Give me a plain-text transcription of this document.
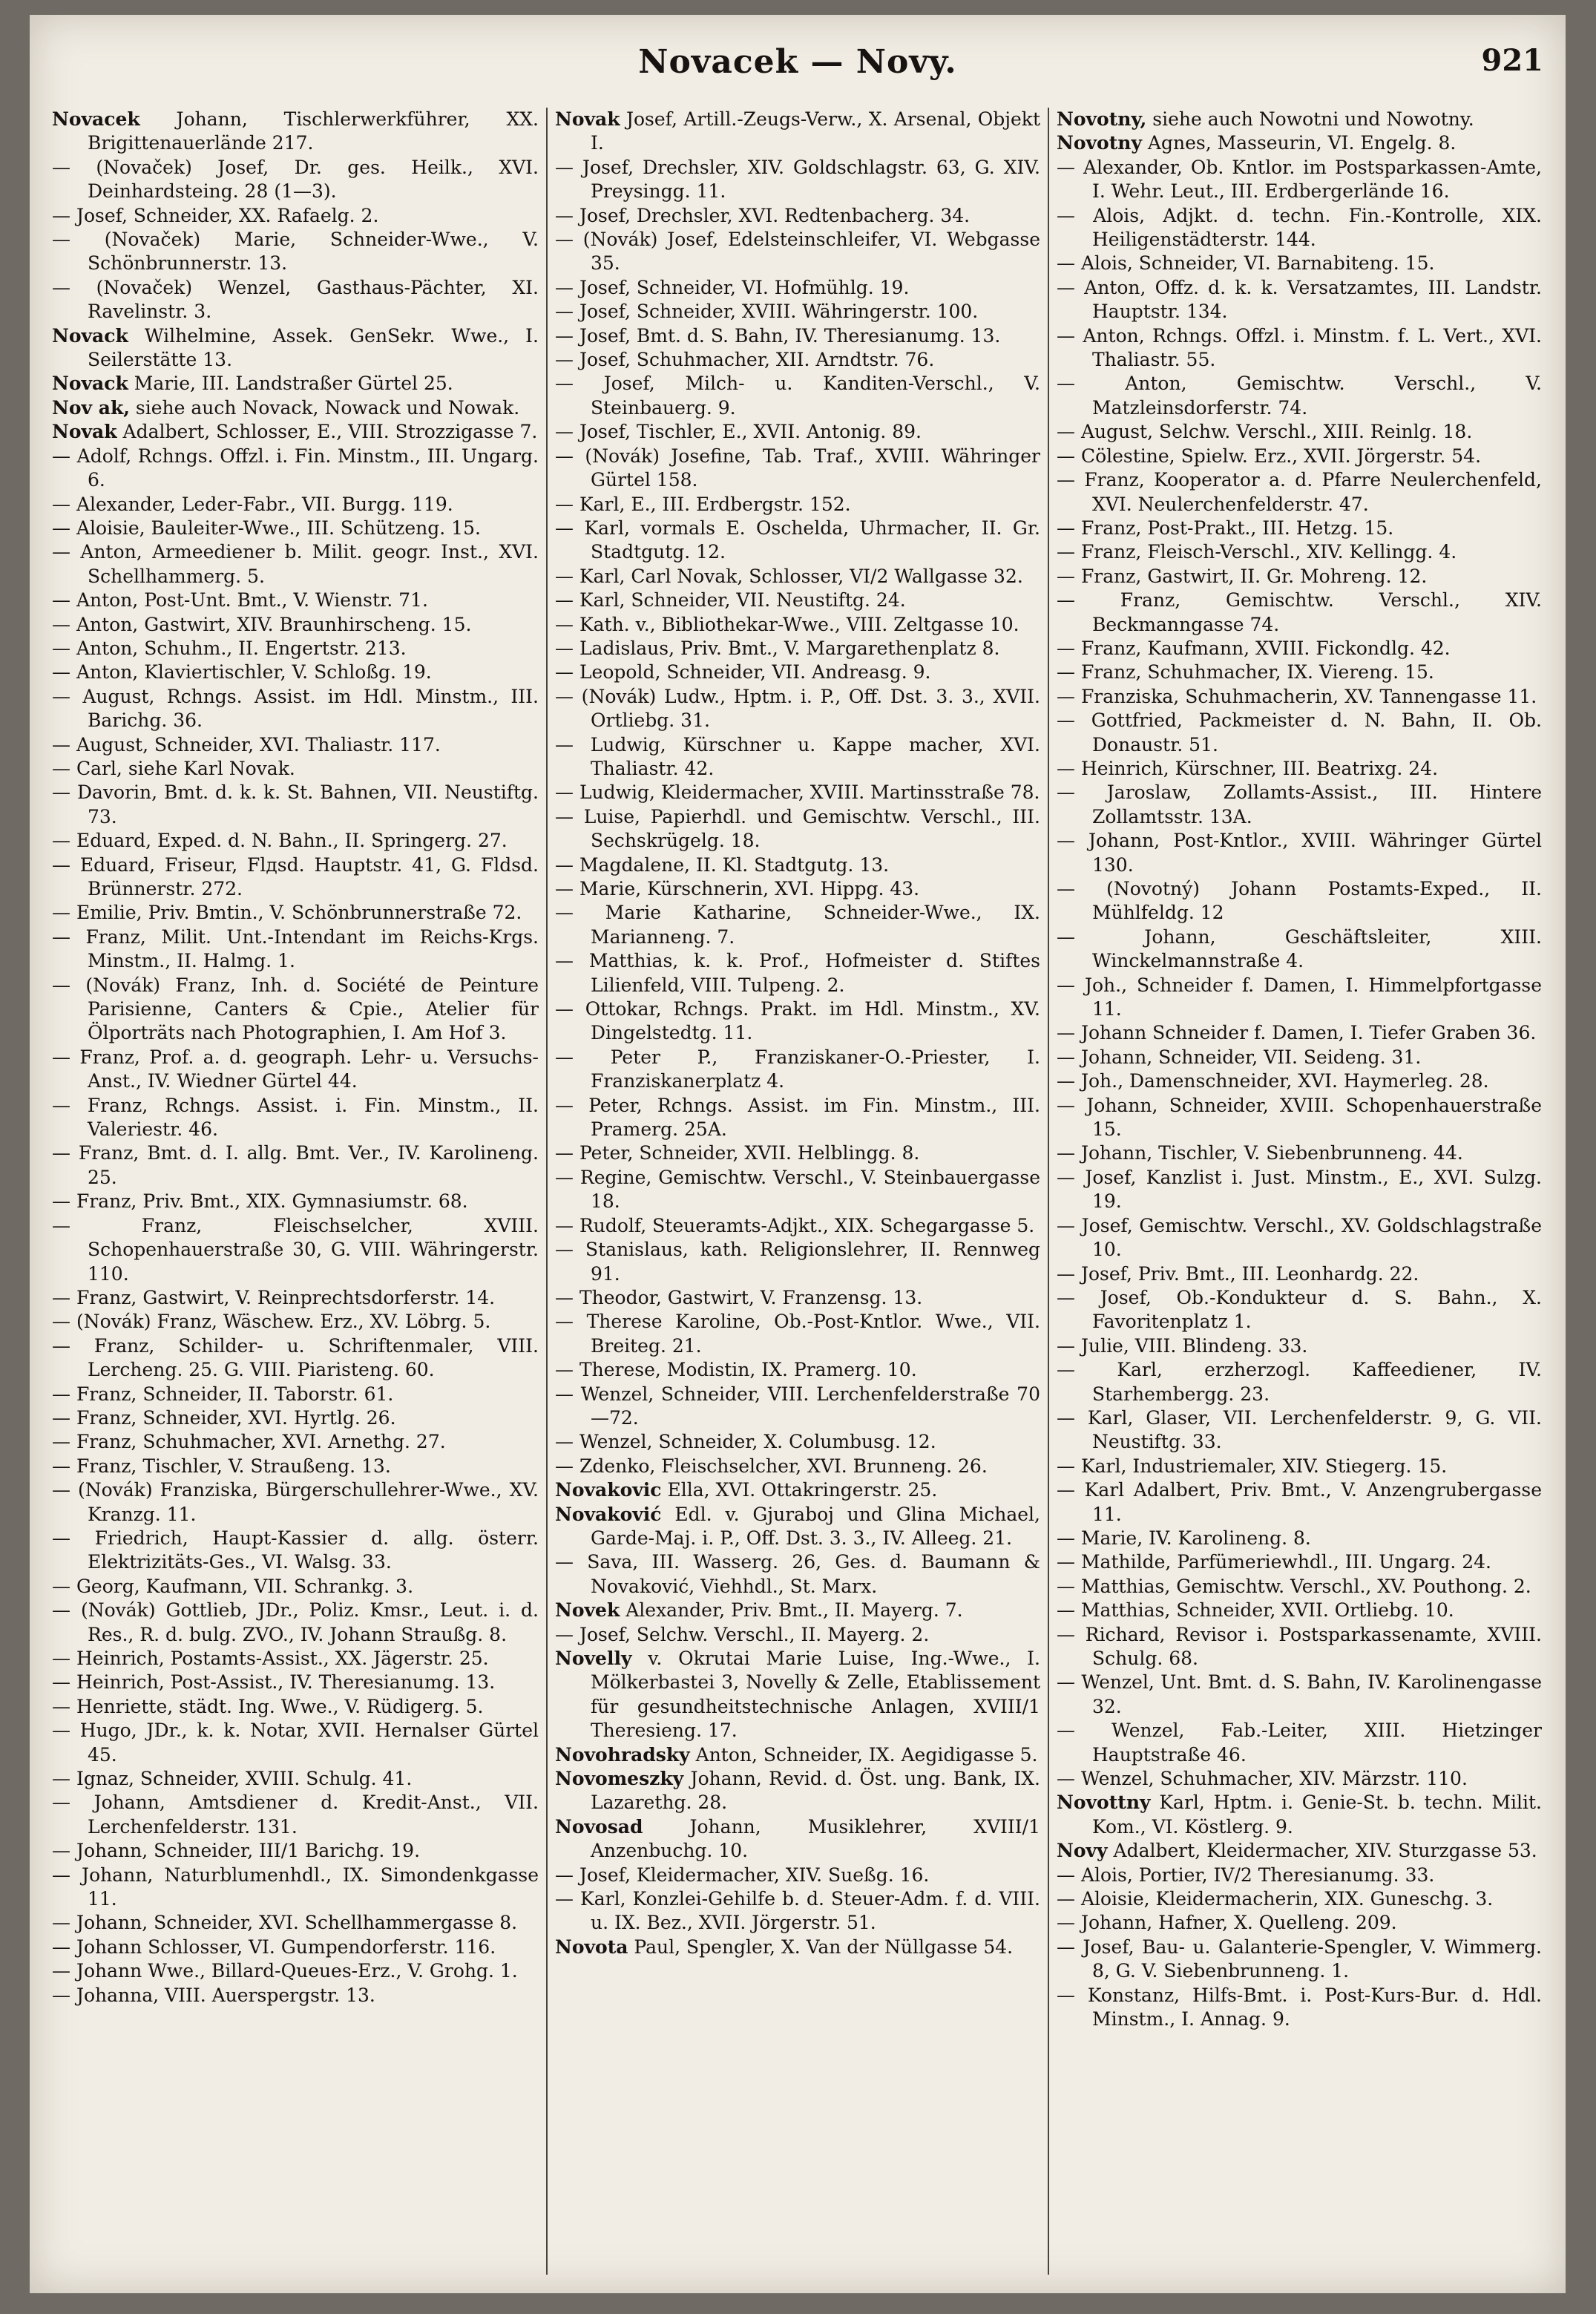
Novacek — Novy.	921
Novacek Johann, Tischlerwerkführer, XX. Brigittenauerlände 217.
— (Novaček) Josef, Dr. ges. Heilk., XVI. Deinhardsteing. 28 (1—3).
— Josef, Schneider, XX. Rafaelg. 2.
— (Novaček) Marie, Schneider-Wwe., V. Schönbrunnerstr. 13.
— (Novaček) Wenzel, Gasthaus-Pächter, XI. Ravelinstr. 3.
Novack Wilhelmine, Assek. GenSekr. Wwe., I. Seilerstätte 13.
Novack Marie, III. Landstraßer Gürtel 25.
Nov ak, siehe auch Novack, Nowack und Nowak.
Novak Adalbert, Schlosser, E., VIII. Strozzigasse 7.
— Adolf, Rchngs. Offzl. i. Fin. Minstm., III. Ungarg. 6.
— Alexander, Leder-Fabr., VII. Burgg. 119.
— Aloisie, Bauleiter-Wwe., III. Schützeng. 15.
— Anton, Armeediener b. Milit. geogr. Inst., XVI. Schellhammerg. 5.
— Anton, Post-Unt. Bmt., V. Wienstr. 71.
— Anton, Gastwirt, XIV. Braunhirscheng. 15.
— Anton, Schuhm., II. Engertstr. 213.
— Anton, Klaviertischler, V. Schloßg. 19.
— August, Rchngs. Assist. im Hdl. Minstm., III. Barichg. 36.
— August, Schneider, XVI. Thaliastr. 117.
— Carl, siehe Karl Novak.
— Davorin, Bmt. d. k. k. St. Bahnen, VII. Neustiftg. 73.
— Eduard, Exped. d. N. Bahn., II. Springerg. 27.
— Eduard, Friseur, Flдsd. Hauptstr. 41, G. Fldsd. Brünnerstr. 272.
— Emilie, Priv. Bmtin., V. Schönbrunnerstraße 72.
— Franz, Milit. Unt.-Intendant im Reichs-Krgs. Minstm., II. Halmg. 1.
— (Novák) Franz, Inh. d. Société de Peinture Parisienne, Canters & Cpie., Atelier für Ölporträts nach Photographien, I. Am Hof 3.
— Franz, Prof. a. d. geograph. Lehr- u. Versuchs-Anst., IV. Wiedner Gürtel 44.
— Franz, Rchngs. Assist. i. Fin. Minstm., II. Valeriestr. 46.
— Franz, Bmt. d. I. allg. Bmt. Ver., IV. Karolineng. 25.
— Franz, Priv. Bmt., XIX. Gymnasiumstr. 68.
— Franz, Fleischselcher, XVIII. Schopenhauerstraße 30, G. VIII. Währingerstr. 110.
— Franz, Gastwirt, V. Reinprechtsdorferstr. 14.
— (Novák) Franz, Wäschew. Erz., XV. Löbrg. 5.
— Franz, Schilder- u. Schriftenmaler, VIII. Lercheng. 25. G. VIII. Piaristeng. 60.
— Franz, Schneider, II. Taborstr. 61.
— Franz, Schneider, XVI. Hyrtlg. 26.
— Franz, Schuhmacher, XVI. Arnethg. 27.
— Franz, Tischler, V. Straußeng. 13.
— (Novák) Franziska, Bürgerschullehrer-Wwe., XV. Kranzg. 11.
— Friedrich, Haupt-Kassier d. allg. österr. Elektrizitäts-Ges., VI. Walsg. 33.
— Georg, Kaufmann, VII. Schrankg. 3.
— (Novák) Gottlieb, JDr., Poliz. Kmsr., Leut. i. d. Res., R. d. bulg. ZVO., IV. Johann Straußg. 8.
— Heinrich, Postamts-Assist., XX. Jägerstr. 25.
— Heinrich, Post-Assist., IV. Theresianumg. 13.
— Henriette, städt. Ing. Wwe., V. Rüdigerg. 5.
— Hugo, JDr., k. k. Notar, XVII. Hernalser Gürtel 45.
— Ignaz, Schneider, XVIII. Schulg. 41.
— Johann, Amtsdiener d. Kredit-Anst., VII. Lerchenfelderstr. 131.
— Johann, Schneider, III/1 Barichg. 19.
— Johann, Naturblumenhdl., IX. Simondenkgasse 11.
— Johann, Schneider, XVI. Schellhammergasse 8.
— Johann Schlosser, VI. Gumpendorferstr. 116.
— Johann Wwe., Billard-Queues-Erz., V. Grohg. 1.
— Johanna, VIII. Auerspergstr. 13.
Novak Josef, Artill.-Zeugs-Verw., X. Arsenal, Objekt I.
— Josef, Drechsler, XIV. Goldschlagstr. 63, G. XIV. Preysingg. 11.
— Josef, Drechsler, XVI. Redtenbacherg. 34.
— (Novák) Josef, Edelsteinschleifer, VI. Webgasse 35.
— Josef, Schneider, VI. Hofmühlg. 19.
— Josef, Schneider, XVIII. Währingerstr. 100.
— Josef, Bmt. d. S. Bahn, IV. Theresianumg. 13.
— Josef, Schuhmacher, XII. Arndtstr. 76.
— Josef, Milch- u. Kanditen-Verschl., V. Steinbauerg. 9.
— Josef, Tischler, E., XVII. Antonig. 89.
— (Novák) Josefine, Tab. Traf., XVIII. Währinger Gürtel 158.
— Karl, E., III. Erdbergstr. 152.
— Karl, vormals E. Oschelda, Uhrmacher, II. Gr. Stadtgutg. 12.
— Karl, Carl Novak, Schlosser, VI/2 Wallgasse 32.
— Karl, Schneider, VII. Neustiftg. 24.
— Kath. v., Bibliothekar-Wwe., VIII. Zeltgasse 10.
— Ladislaus, Priv. Bmt., V. Margarethenplatz 8.
— Leopold, Schneider, VII. Andreasg. 9.
— (Novák) Ludw., Hptm. i. P., Off. Dst. 3. 3., XVII. Ortliebg. 31.
— Ludwig, Kürschner u. Kappe macher, XVI. Thaliastr. 42.
— Ludwig, Kleidermacher, XVIII. Martinsstraße 78.
— Luise, Papierhdl. und Gemischtw. Verschl., III. Sechskrügelg. 18.
— Magdalene, II. Kl. Stadtgutg. 13.
— Marie, Kürschnerin, XVI. Hippg. 43.
— Marie Katharine, Schneider-Wwe., IX. Marianneng. 7.
— Matthias, k. k. Prof., Hofmeister d. Stiftes Lilienfeld, VIII. Tulpeng. 2.
— Ottokar, Rchngs. Prakt. im Hdl. Minstm., XV. Dingelstedtg. 11.
— Peter P., Franziskaner-O.-Priester, I. Franziskanerplatz 4.
— Peter, Rchngs. Assist. im Fin. Minstm., III. Pramerg. 25A.
— Peter, Schneider, XVII. Helblingg. 8.
— Regine, Gemischtw. Verschl., V. Steinbauergasse 18.
— Rudolf, Steueramts-Adjkt., XIX. Schegargasse 5.
— Stanislaus, kath. Religionslehrer, II. Rennweg 91.
— Theodor, Gastwirt, V. Franzensg. 13.
— Therese Karoline, Ob.-Post-Kntlor. Wwe., VII. Breiteg. 21.
— Therese, Modistin, IX. Pramerg. 10.
— Wenzel, Schneider, VIII. Lerchenfelderstraße 70—72.
— Wenzel, Schneider, X. Columbusg. 12.
— Zdenko, Fleischselcher, XVI. Brunneng. 26.
Novakovic Ella, XVI. Ottakringerstr. 25.
Novaković Edl. v. Gjuraboj und Glina Michael, Garde-Maj. i. P., Off. Dst. 3. 3., IV. Alleeg. 21.
— Sava, III. Wasserg. 26, Ges. d. Baumann & Novaković, Viehhdl., St. Marx.
Novek Alexander, Priv. Bmt., II. Mayerg. 7.
— Josef, Selchw. Verschl., II. Mayerg. 2.
Novelly v. Okrutai Marie Luise, Ing.-Wwe., I. Mölkerbastei 3, Novelly & Zelle, Etablissement für gesundheitstechnische Anlagen, XVIII/1 Theresieng. 17.
Novohradsky Anton, Schneider, IX. Aegidigasse 5.
Novomeszky Johann, Revid. d. Öst. ung. Bank, IX. Lazarethg. 28.
Novosad Johann, Musiklehrer, XVIII/1 Anzenbuchg. 10.
— Josef, Kleidermacher, XIV. Sueßg. 16.
— Karl, Konzlei-Gehilfe b. d. Steuer-Adm. f. d. VIII. u. IX. Bez., XVII. Jörgerstr. 51.
Novota Paul, Spengler, X. Van der Nüllgasse 54.
Novotny, siehe auch Nowotni und Nowotny.
Novotny Agnes, Masseurin, VI. Engelg. 8.
— Alexander, Ob. Kntlor. im Postsparkassen-Amte, I. Wehr. Leut., III. Erdbergerlände 16.
— Alois, Adjkt. d. techn. Fin.-Kontrolle, XIX. Heiligenstädterstr. 144.
— Alois, Schneider, VI. Barnabiteng. 15.
— Anton, Offz. d. k. k. Versatzamtes, III. Landstr. Hauptstr. 134.
— Anton, Rchngs. Offzl. i. Minstm. f. L. Vert., XVI. Thaliastr. 55.
— Anton, Gemischtw. Verschl., V. Matzleinsdorferstr. 74.
— August, Selchw. Verschl., XIII. Reinlg. 18.
— Cölestine, Spielw. Erz., XVII. Jörgerstr. 54.
— Franz, Kooperator a. d. Pfarre Neulerchenfeld, XVI. Neulerchenfelderstr. 47.
— Franz, Post-Prakt., III. Hetzg. 15.
— Franz, Fleisch-Verschl., XIV. Kellingg. 4.
— Franz, Gastwirt, II. Gr. Mohreng. 12.
— Franz, Gemischtw. Verschl., XIV. Beckmanngasse 74.
— Franz, Kaufmann, XVIII. Fickondlg. 42.
— Franz, Schuhmacher, IX. Viereng. 15.
— Franziska, Schuhmacherin, XV. Tannengasse 11.
— Gottfried, Packmeister d. N. Bahn, II. Ob. Donaustr. 51.
— Heinrich, Kürschner, III. Beatrixg. 24.
— Jaroslaw, Zollamts-Assist., III. Hintere Zollamtsstr. 13A.
— Johann, Post-Kntlor., XVIII. Währinger Gürtel 130.
— (Novotný) Johann Postamts-Exped., II. Mühlfeldg. 12
— Johann, Geschäftsleiter, XIII. Winckelmannstraße 4.
— Joh., Schneider f. Damen, I. Himmelpfortgasse 11.
— Johann Schneider f. Damen, I. Tiefer Graben 36.
— Johann, Schneider, VII. Seideng. 31.
— Joh., Damenschneider, XVI. Haymerleg. 28.
— Johann, Schneider, XVIII. Schopenhauerstraße 15.
— Johann, Tischler, V. Siebenbrunneng. 44.
— Josef, Kanzlist i. Just. Minstm., E., XVI. Sulzg. 19.
— Josef, Gemischtw. Verschl., XV. Goldschlagstraße 10.
— Josef, Priv. Bmt., III. Leonhardg. 22.
— Josef, Ob.-Kondukteur d. S. Bahn., X. Favoritenplatz 1.
— Julie, VIII. Blindeng. 33.
— Karl, erzherzogl. Kaffeediener, IV. Starhembergg. 23.
— Karl, Glaser, VII. Lerchenfelderstr. 9, G. VII. Neustiftg. 33.
— Karl, Industriemaler, XIV. Stiegerg. 15.
— Karl Adalbert, Priv. Bmt., V. Anzengrubergasse 11.
— Marie, IV. Karolineng. 8.
— Mathilde, Parfümeriewhdl., III. Ungarg. 24.
— Matthias, Gemischtw. Verschl., XV. Pouthong. 2.
— Matthias, Schneider, XVII. Ortliebg. 10.
— Richard, Revisor i. Postsparkassenamte, XVIII. Schulg. 68.
— Wenzel, Unt. Bmt. d. S. Bahn, IV. Karolinengasse 32.
— Wenzel, Fab.-Leiter, XIII. Hietzinger Hauptstraße 46.
— Wenzel, Schuhmacher, XIV. Märzstr. 110.
Novottny Karl, Hptm. i. Genie-St. b. techn. Milit. Kom., VI. Köstlerg. 9.
Novy Adalbert, Kleidermacher, XIV. Sturzgasse 53.
— Alois, Portier, IV/2 Theresianumg. 33.
— Aloisie, Kleidermacherin, XIX. Guneschg. 3.
— Johann, Hafner, X. Quelleng. 209.
— Josef, Bau- u. Galanterie-Spengler, V. Wimmerg. 8, G. V. Siebenbrunneng. 1.
— Konstanz, Hilfs-Bmt. i. Post-Kurs-Bur. d. Hdl. Minstm., I. Annag. 9.
